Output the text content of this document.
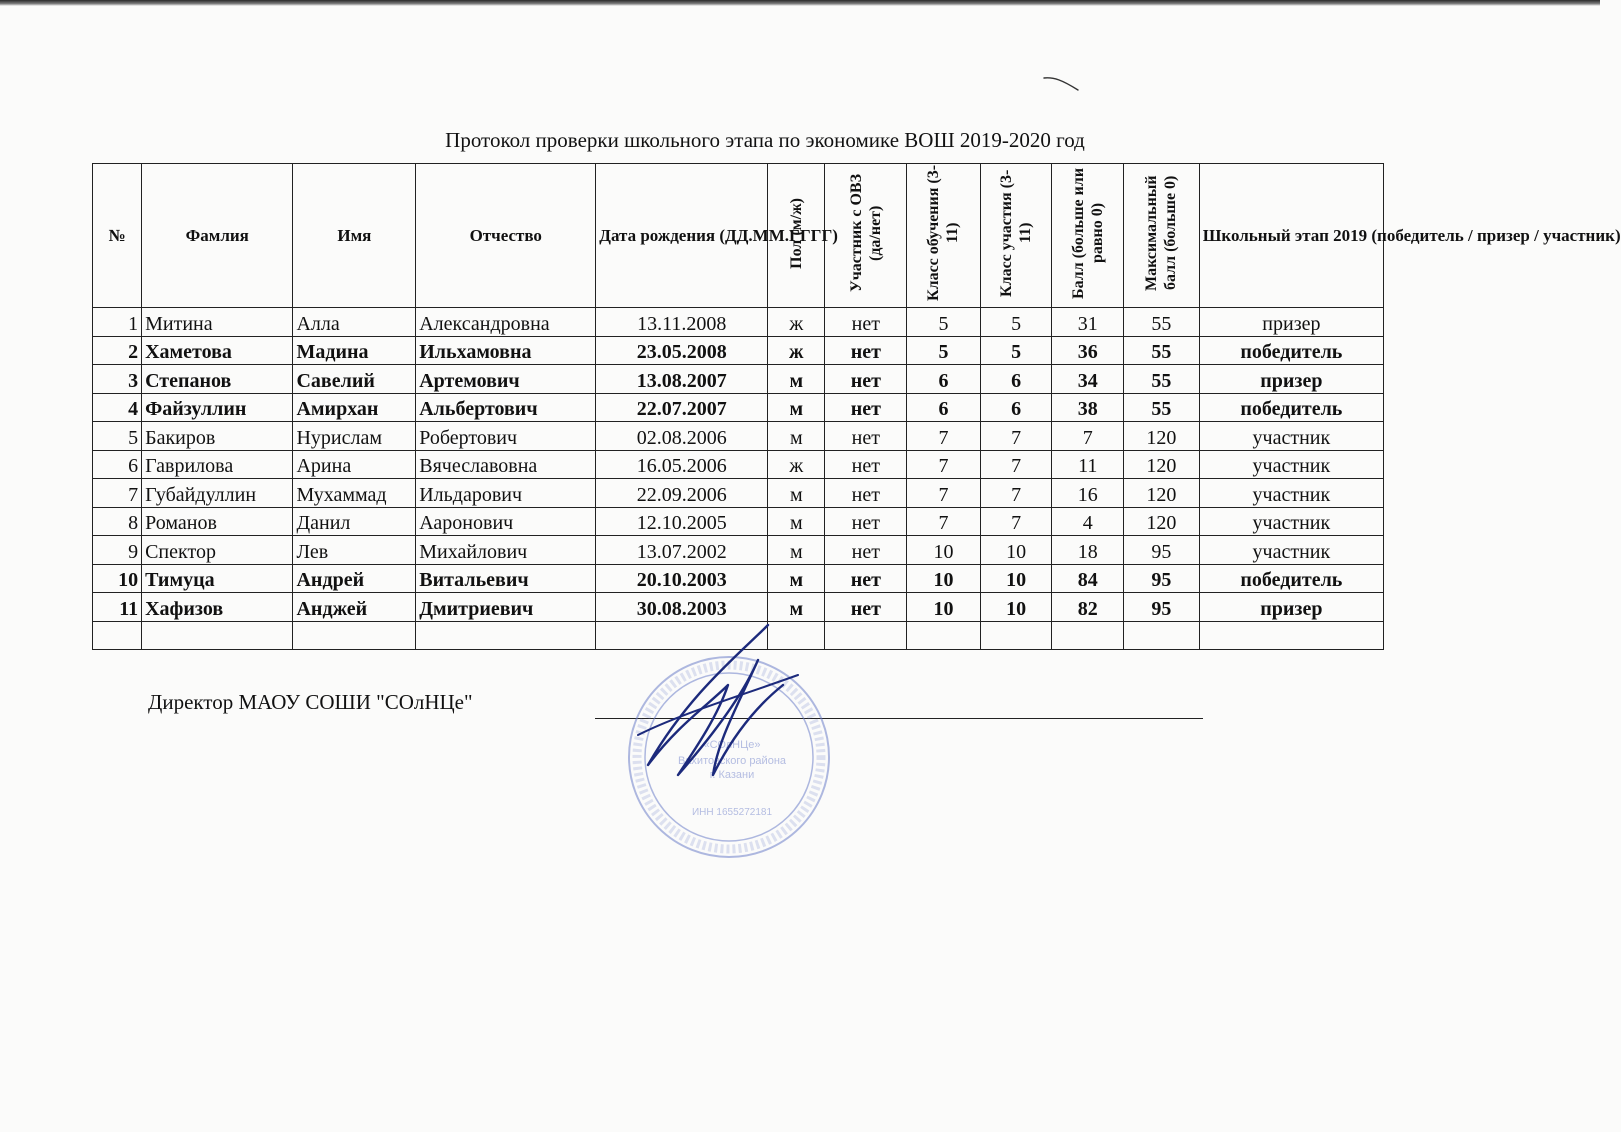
Протокол проверки школьного этапа по экономике ВОШ 2019-2020 год
№	Фамлия	Имя	Отчество	Дата рождения (ДД.ММ.ГГГГ)	Пол (м/ж)	Участник с ОВЗ (да/нет)	Класс обучения (3-11)	Класс участия (3-11)	Балл (больше или равно 0)	Максимальный балл (больше 0)	Школьный этап 2019 (победитель / призер / участник)
1	Митина	Алла	Александровна	13.11.2008	ж	нет	5	5	31	55	призер
2	Хаметова	Мадина	Ильхамовна	23.05.2008	ж	нет	5	5	36	55	победитель
3	Степанов	Савелий	Артемович	13.08.2007	м	нет	6	6	34	55	призер
4	Файзуллин	Амирхан	Альбертович	22.07.2007	м	нет	6	6	38	55	победитель
5	Бакиров	Нурислам	Робертович	02.08.2006	м	нет	7	7	7	120	участник
6	Гаврилова	Арина	Вячеславовна	16.05.2006	ж	нет	7	7	11	120	участник
7	Губайдуллин	Мухаммад	Ильдарович	22.09.2006	м	нет	7	7	16	120	участник
8	Романов	Данил	Ааронович	12.10.2005	м	нет	7	7	4	120	участник
9	Спектор	Лев	Михайлович	13.07.2002	м	нет	10	10	18	95	участник
10	Тимуца	Андрей	Витальевич	20.10.2003	м	нет	10	10	84	95	победитель
11	Хафизов	Анджей	Дмитриевич	30.08.2003	м	нет	10	10	82	95	призер

Директор МАОУ СОШИ "СОлНЦе"
«СОлНЦе»
Вахитовского района
г. Казани
ИНН 1655272181
